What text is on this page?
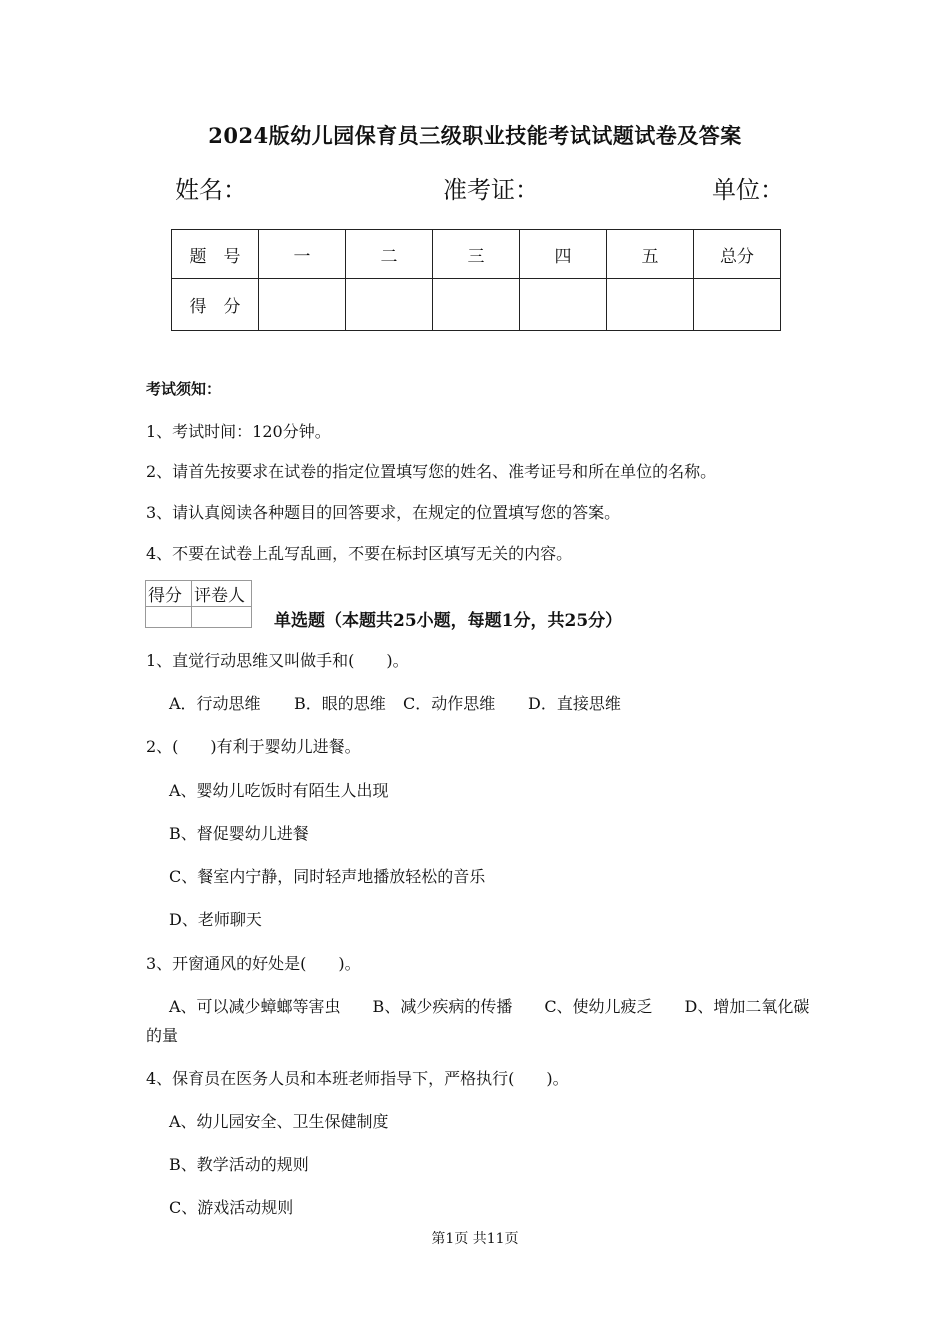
2024版幼儿园保育员三级职业技能考试试题试卷及答案
姓名：	准考证：	单位：
题　号	一	二	三	四	五	总分
得　分						
考试须知：
1、考试时间：120分钟。
2、请首先按要求在试卷的指定位置填写您的姓名、准考证号和所在单位的名称。
3、请认真阅读各种题目的回答要求，在规定的位置填写您的答案。
4、不要在试卷上乱写乱画，不要在标封区填写无关的内容。
得分	评卷人

单选题（本题共25小题，每题1分，共25分）
1、直觉行动思维又叫做手和(　　)。
A．行动思维 B．眼的思维 C．动作思维 D．直接思维
2、(　　)有利于婴幼儿进餐。
A、婴幼儿吃饭时有陌生人出现
B、督促婴幼儿进餐
C、餐室内宁静，同时轻声地播放轻松的音乐
D、老师聊天
3、开窗通风的好处是(　　)。
A、可以减少蟑螂等害虫　　B、减少疾病的传播　　C、使幼儿疲乏　　D、增加二氧化碳
的量
4、保育员在医务人员和本班老师指导下，严格执行(　　)。
A、幼儿园安全、卫生保健制度
B、教学活动的规则
C、游戏活动规则
第1页 共11页
